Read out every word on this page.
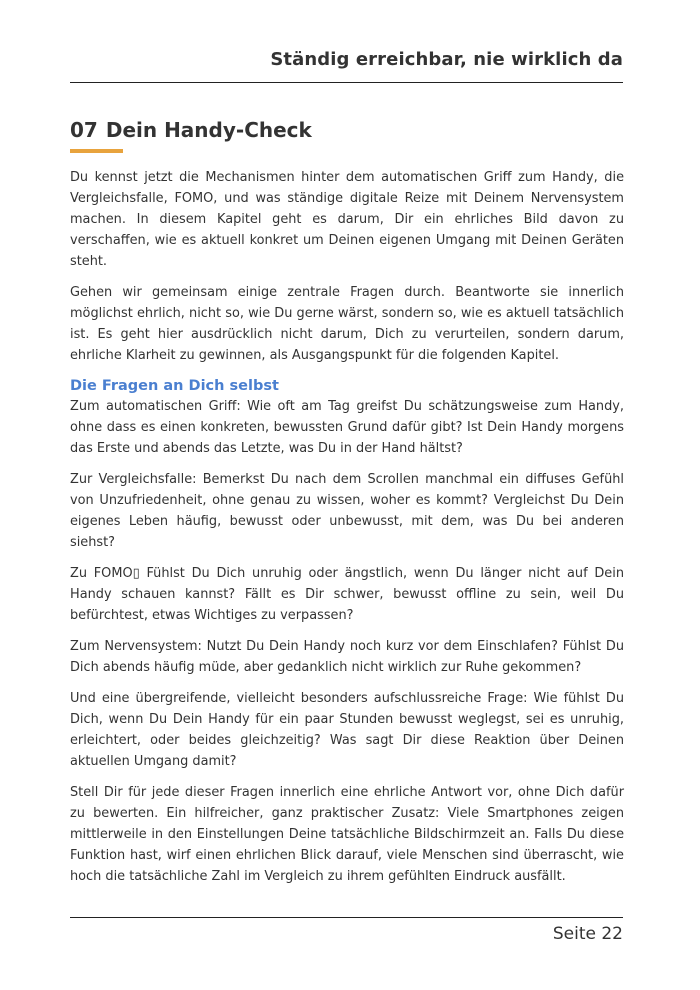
Ständig erreichbar, nie wirklich da
07 Dein Handy-Check

Du kennst jetzt die Mechanismen hinter dem automatischen Griff zum Handy, die Vergleichsfalle, FOMO, und was ständige digitale Reize mit Deinem Nervensystem machen. In diesem Kapitel geht es darum, Dir ein ehrliches Bild davon zu verschaffen, wie es aktuell konkret um Deinen eigenen Umgang mit Deinen Geräten steht.

Gehen wir gemeinsam einige zentrale Fragen durch. Beantworte sie innerlich möglichst ehrlich, nicht so, wie Du gerne wärst, sondern so, wie es aktuell tatsächlich ist. Es geht hier ausdrücklich nicht darum, Dich zu verurteilen, sondern darum, ehrliche Klarheit zu gewinnen, als Ausgangspunkt für die folgenden Kapitel.

Die Fragen an Dich selbst

Zum automatischen Griff: Wie oft am Tag greifst Du schätzungsweise zum Handy, ohne dass es einen konkreten, bewussten Grund dafür gibt? Ist Dein Handy morgens das Erste und abends das Letzte, was Du in der Hand hältst?

Zur Vergleichsfalle: Bemerkst Du nach dem Scrollen manchmal ein diffuses Gefühl von Unzufriedenheit, ohne genau zu wissen, woher es kommt? Vergleichst Du Dein eigenes Leben häufig, bewusst oder unbewusst, mit dem, was Du bei anderen siehst?

Zu FOMO▯ Fühlst Du Dich unruhig oder ängstlich, wenn Du länger nicht auf Dein Handy schauen kannst? Fällt es Dir schwer, bewusst offline zu sein, weil Du befürchtest, etwas Wichtiges zu verpassen?

Zum Nervensystem: Nutzt Du Dein Handy noch kurz vor dem Einschlafen? Fühlst Du Dich abends häufig müde, aber gedanklich nicht wirklich zur Ruhe gekommen?

Und eine übergreifende, vielleicht besonders aufschlussreiche Frage: Wie fühlst Du Dich, wenn Du Dein Handy für ein paar Stunden bewusst weglegst, sei es unruhig, erleichtert, oder beides gleichzeitig? Was sagt Dir diese Reaktion über Deinen aktuellen Umgang damit?

Stell Dir für jede dieser Fragen innerlich eine ehrliche Antwort vor, ohne Dich dafür zu bewerten. Ein hilfreicher, ganz praktischer Zusatz: Viele Smartphones zeigen mittlerweile in den Einstellungen Deine tatsächliche Bildschirmzeit an. Falls Du diese Funktion hast, wirf einen ehrlichen Blick darauf, viele Menschen sind überrascht, wie hoch die tatsächliche Zahl im Vergleich zu ihrem gefühlten Eindruck ausfällt.

Seite 22
